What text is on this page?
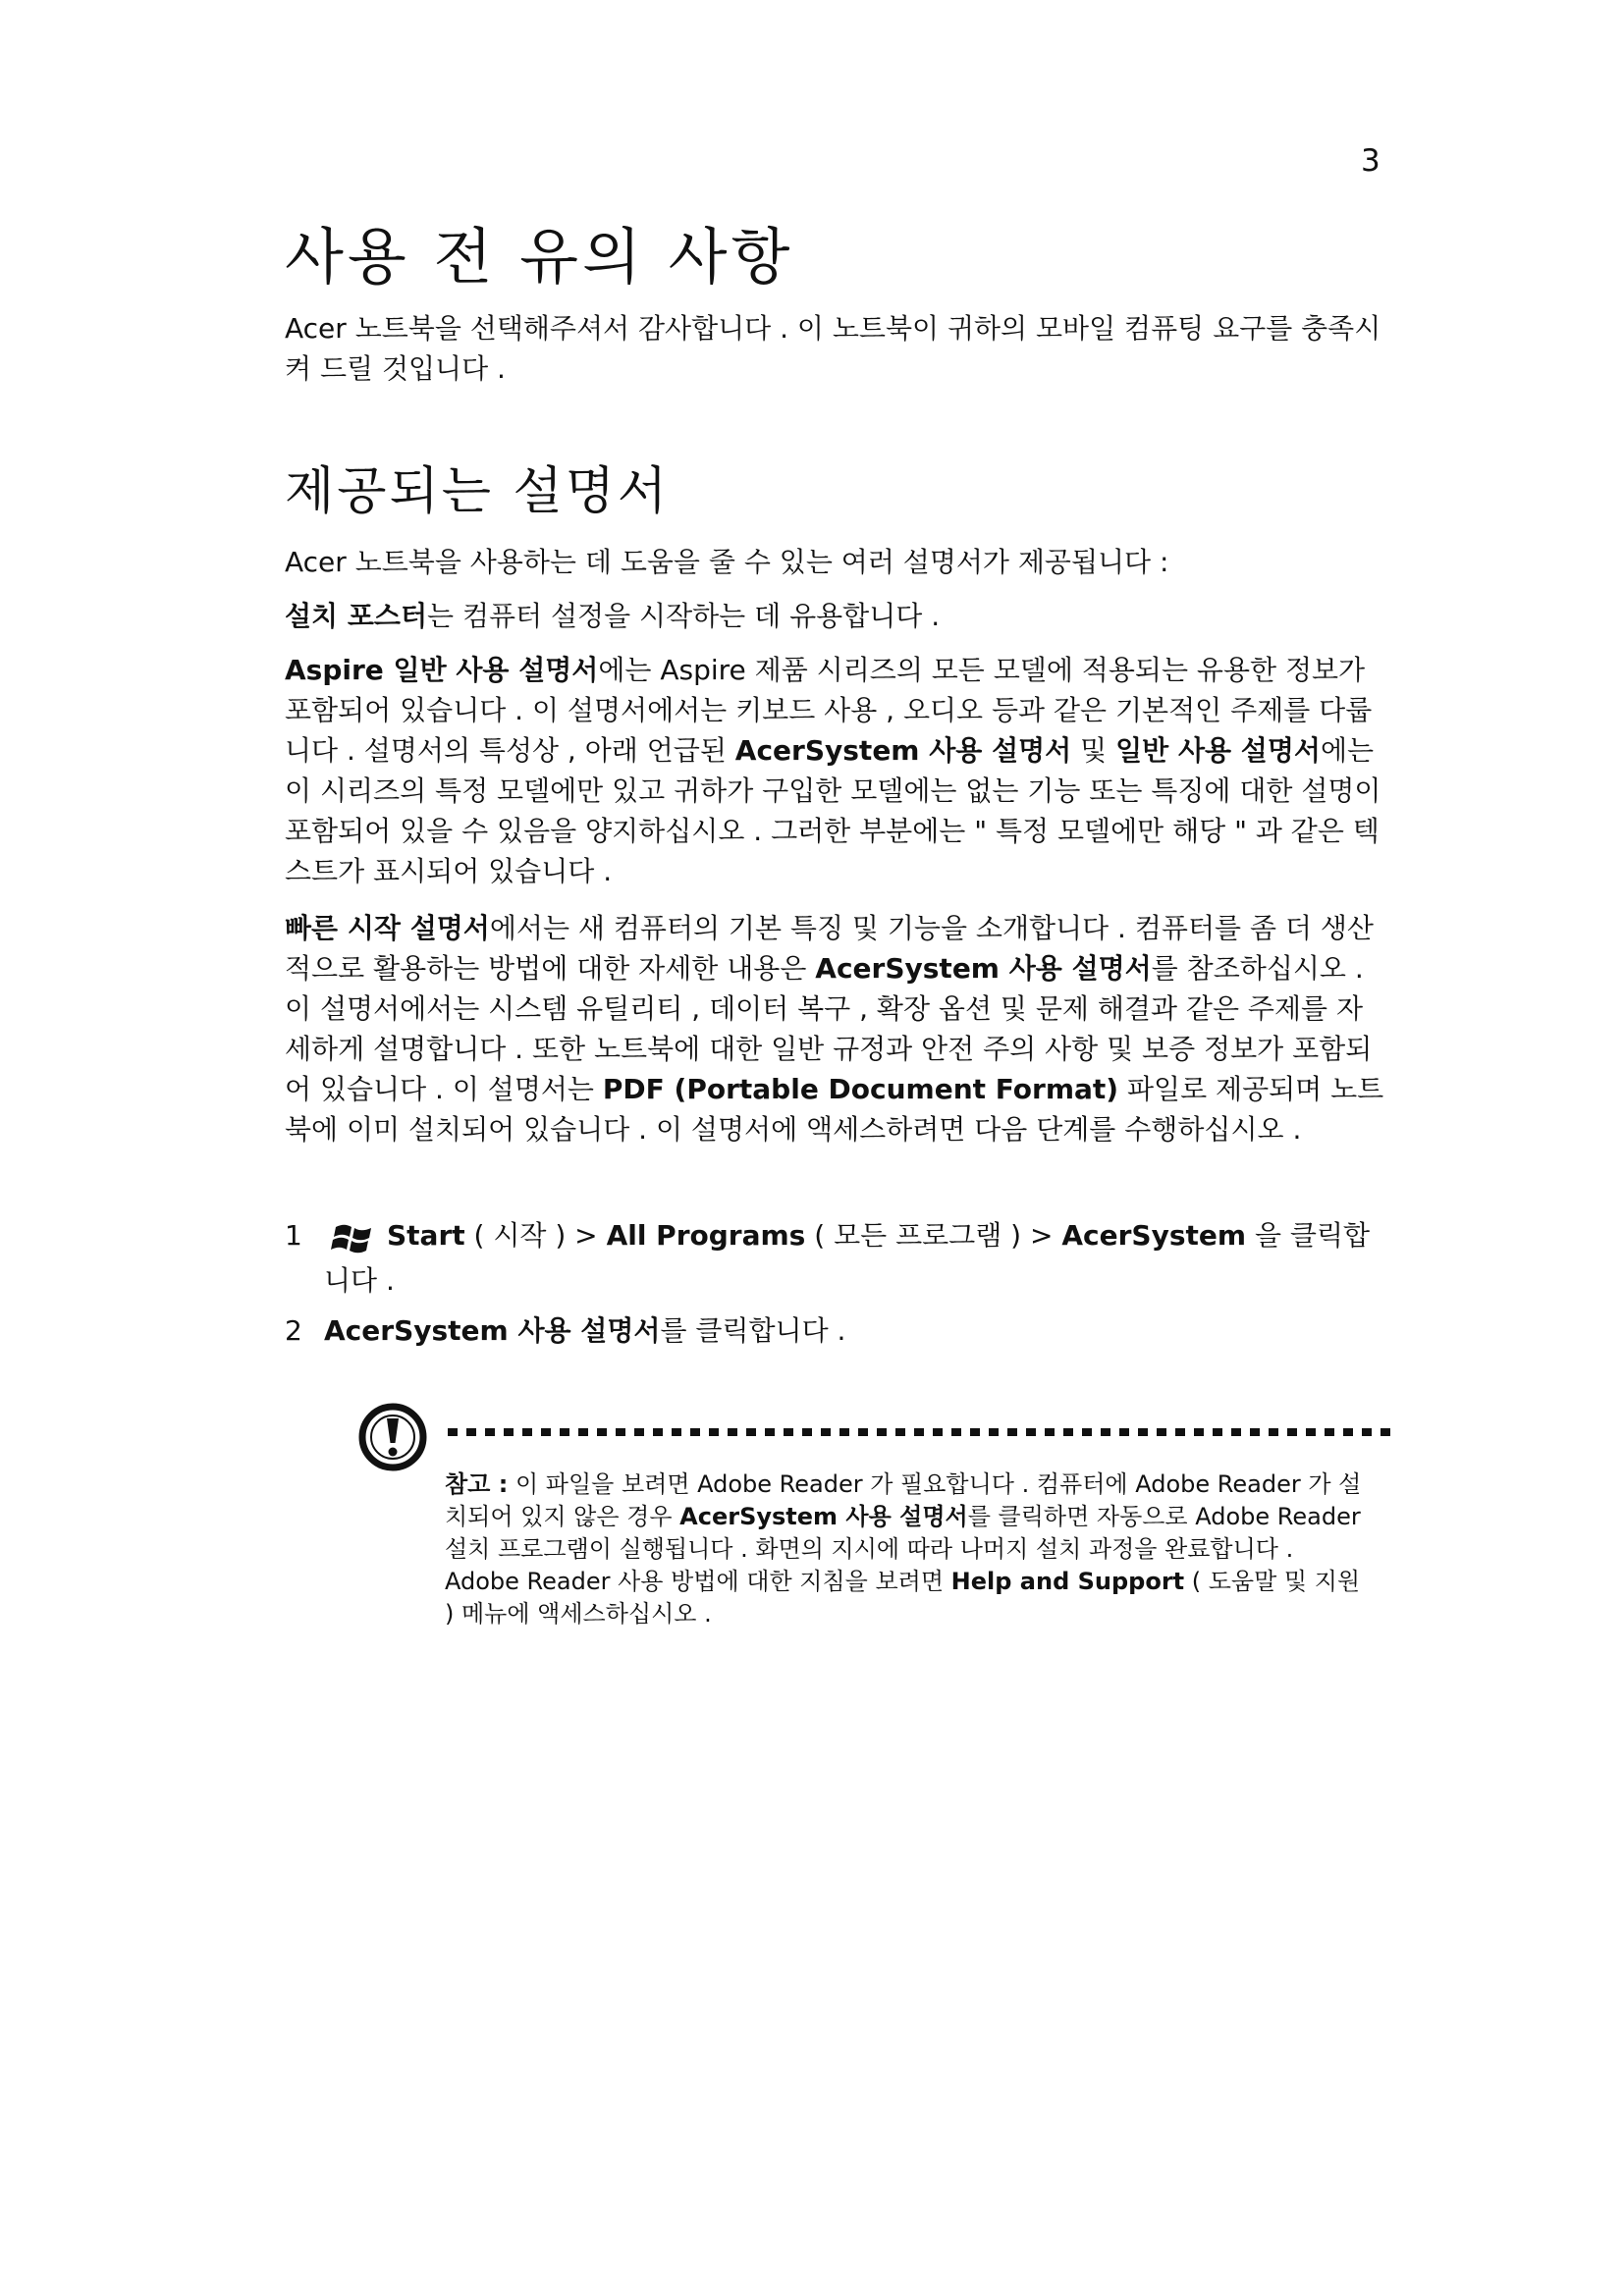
3
사용 전 유의 사항

Acer 노트북을 선택해주셔서 감사합니다 . 이 노트북이 귀하의 모바일 컴퓨팅 요구를 충족시켜 드릴 것입니다 .

제공되는 설명서

Acer 노트북을 사용하는 데 도움을 줄 수 있는 여러 설명서가 제공됩니다 :

설치 포스터는 컴퓨터 설정을 시작하는 데 유용합니다 .

Aspire 일반 사용 설명서에는 Aspire 제품 시리즈의 모든 모델에 적용되는 유용한 정보가 포함되어 있습니다 . 이 설명서에서는 키보드 사용 , 오디오 등과 같은 기본적인 주제를 다룹니다 . 설명서의 특성상 , 아래 언급된 AcerSystem 사용 설명서 및 일반 사용 설명서에는 이 시리즈의 특정 모델에만 있고 귀하가 구입한 모델에는 없는 기능 또는 특징에 대한 설명이 포함되어 있을 수 있음을 양지하십시오 . 그러한 부분에는 " 특정 모델에만 해당 " 과 같은 텍스트가 표시되어 있습니다 .

빠른 시작 설명서에서는 새 컴퓨터의 기본 특징 및 기능을 소개합니다 . 컴퓨터를 좀 더 생산적으로 활용하는 방법에 대한 자세한 내용은 AcerSystem 사용 설명서를 참조하십시오 . 이 설명서에서는 시스템 유틸리티 , 데이터 복구 , 확장 옵션 및 문제 해결과 같은 주제를 자세하게 설명합니다 . 또한 노트북에 대한 일반 규정과 안전 주의 사항 및 보증 정보가 포함되어 있습니다 . 이 설명서는 PDF (Portable Document Format) 파일로 제공되며 노트북에 이미 설치되어 있습니다 . 이 설명서에 액세스하려면 다음 단계를 수행하십시오 .

1	Start ( 시작 ) > All Programs ( 모든 프로그램 ) > AcerSystem 을 클릭합니다 .
2 AcerSystem 사용 설명서를 클릭합니다 .
참고 : 이 파일을 보려면 Adobe Reader 가 필요합니다 . 컴퓨터에 Adobe Reader 가 설치되어 있지 않은 경우 AcerSystem 사용 설명서를 클릭하면 자동으로 Adobe Reader 설치 프로그램이 실행됩니다 . 화면의 지시에 따라 나머지 설치 과정을 완료합니다 . Adobe Reader 사용 방법에 대한 지침을 보려면 Help and Support ( 도움말 및 지원 ) 메뉴에 액세스하십시오 .
